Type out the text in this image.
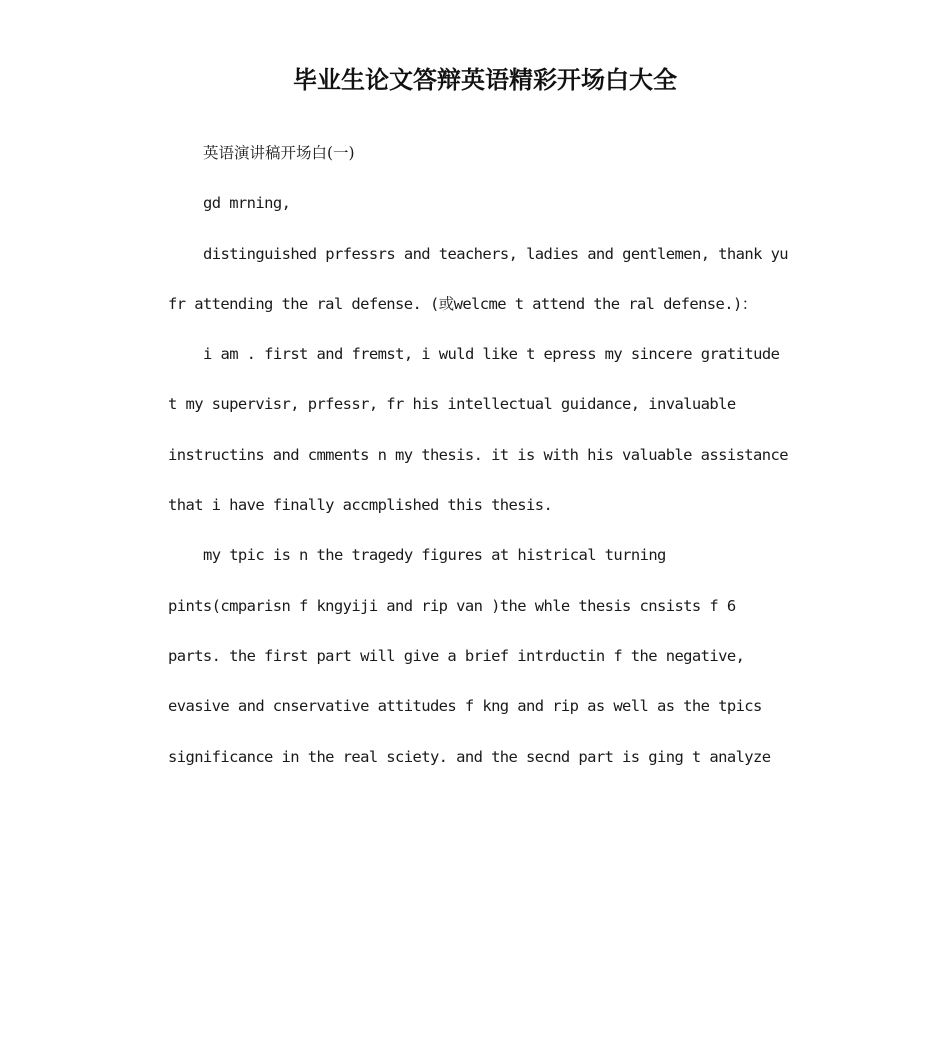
毕业生论文答辩英语精彩开场白大全
英语演讲稿开场白(一)
gd mrning,
distinguished prfessrs and teachers, ladies and gentlemen, thank yu
fr attending the ral defense. (或welcme t attend the ral defense.)：
i am . first and fremst, i wuld like t epress my sincere gratitude
t my supervisr, prfessr, fr his intellectual guidance, invaluable
instructins and cmments n my thesis. it is with his valuable assistance
that i have finally accmplished this thesis.
my tpic is n the tragedy figures at histrical turning
pints(cmparisn f kngyiji and rip van )the whle thesis cnsists f 6
parts. the first part will give a brief intrductin f the negative,
evasive and cnservative attitudes f kng and rip as well as the tpics
significance in the real sciety. and the secnd part is ging t analyze
